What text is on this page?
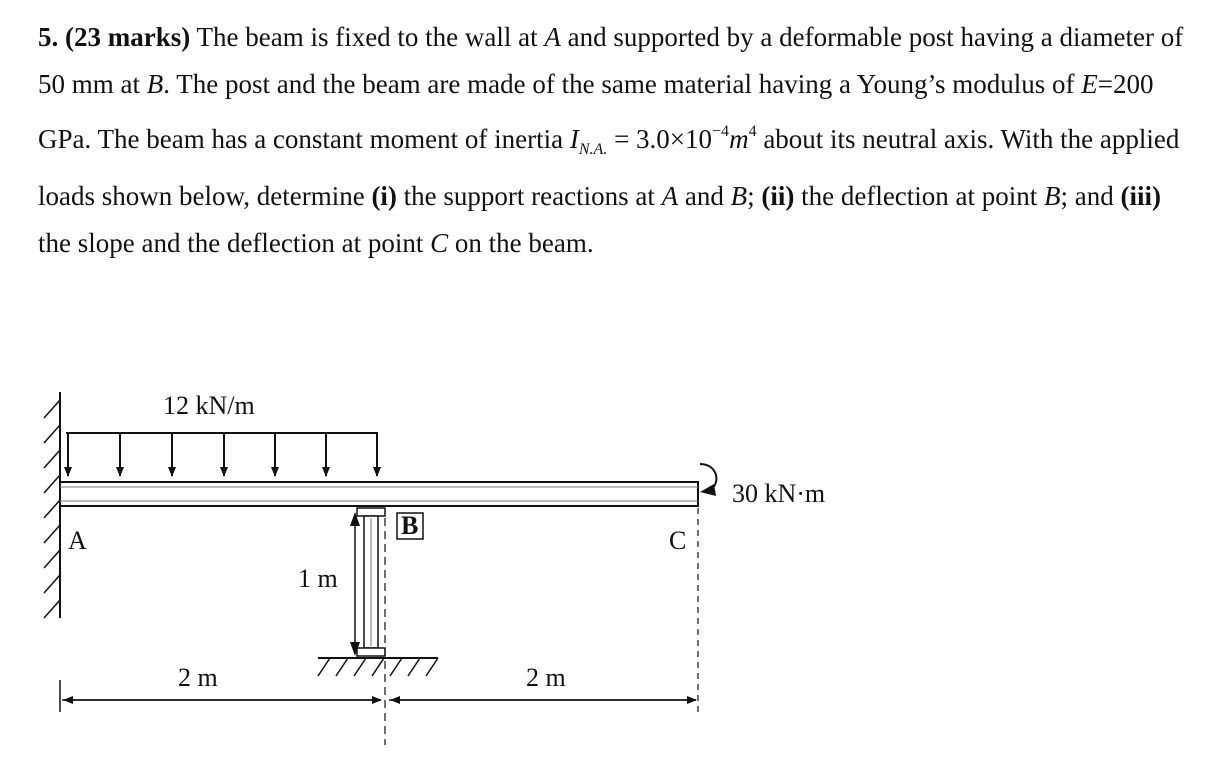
5. (23 marks) The beam is fixed to the wall at A and supported by a deformable post having a diameter of 50 mm at B. The post and the beam are made of the same material having a Young’s modulus of E=200 GPa. The beam has a constant moment of inertia $I_{N.A.} = 3.0\times 10^{-4}m^4$ about its neutral axis. With the applied loads shown below, determine (i) the support reactions at A and B; (ii) the deflection at point B; and (iii) the slope and the deflection at point C on the beam.

12 kN/m
30 kN·m
1 m
A
B
C
2 m	2 m
